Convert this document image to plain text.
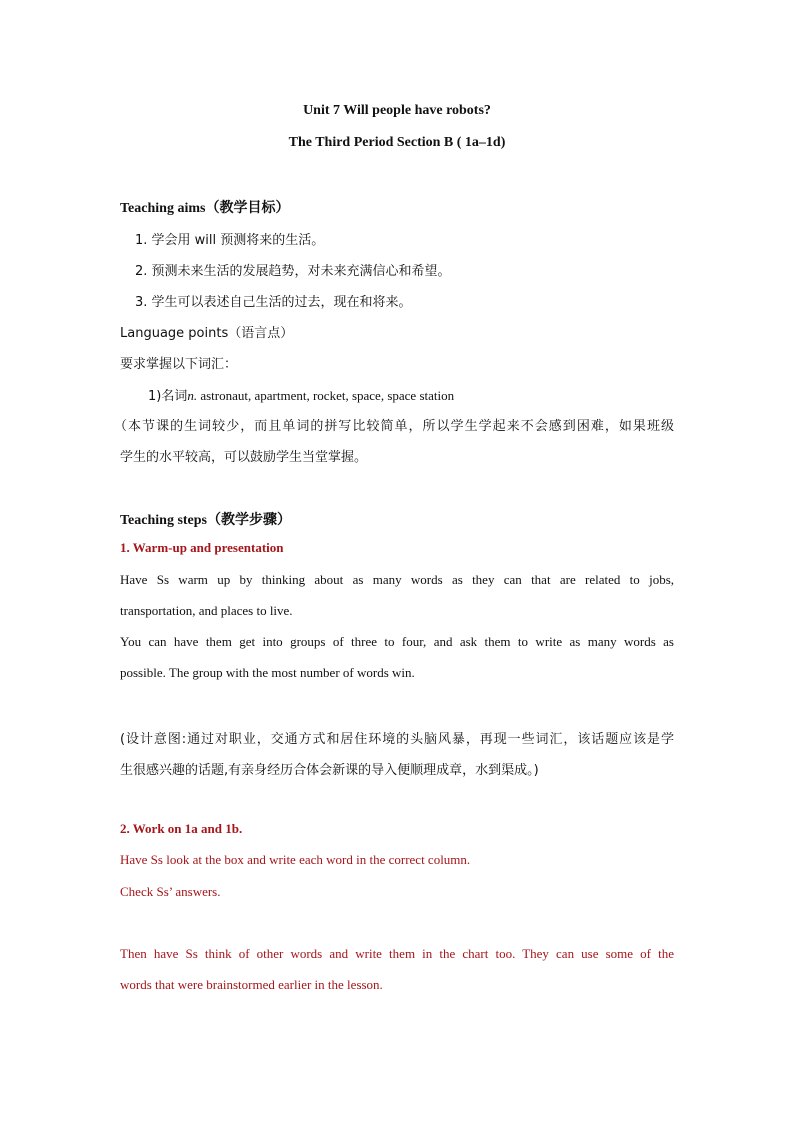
Unit 7 Will people have robots?
The Third Period Section B ( 1a–1d)
Teaching aims（教学目标）
1. 学会用 will 预测将来的生活。
2. 预测未来生活的发展趋势，对未来充满信心和希望。
3. 学生可以表述自己生活的过去，现在和将来。
Language points（语言点）
要求掌握以下词汇：
1)名词n. astronaut, apartment, rocket, space, space station
（本节课的生词较少，而且单词的拼写比较简单，所以学生学起来不会感到困难，如果班级
学生的水平较高，可以鼓励学生当堂掌握。
Teaching steps（教学步骤）
1. Warm-up and presentation
Have Ss warm up by thinking about as many words as they can that are related to jobs,
transportation, and places to live.
You can have them get into groups of three to four, and ask them to write as many words as
possible. The group with the most number of words win.
(设计意图:通过对职业，交通方式和居住环境的头脑风暴，再现一些词汇，该话题应该是学
生很感兴趣的话题,有亲身经历合体会新课的导入便顺理成章，水到渠成。)
2. Work on 1a and 1b.
Have Ss look at the box and write each word in the correct column.
Check Ss’ answers.
Then have Ss think of other words and write them in the chart too. They can use some of the
words that were brainstormed earlier in the lesson.
